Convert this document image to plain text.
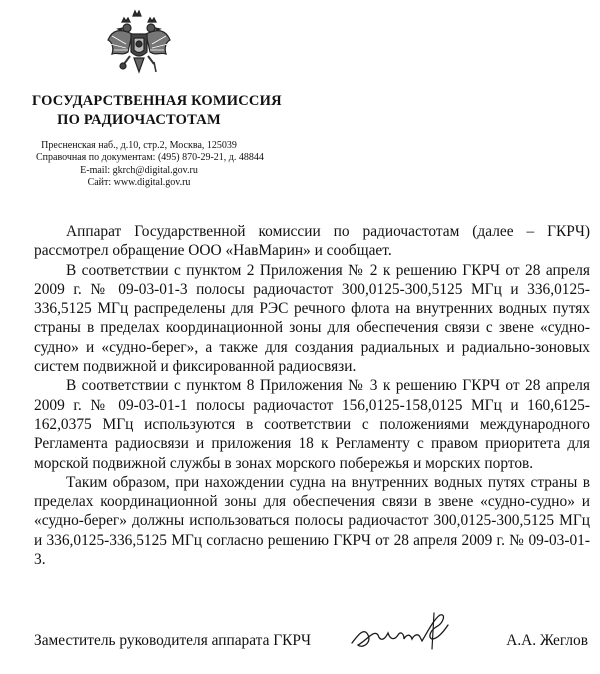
ГОСУДАРСТВЕННАЯ КОМИССИЯ
ПО РАДИОЧАСТОТАМ
Пресненская наб., д.10, стр.2, Москва, 125039
Справочная по документам: (495) 870-29-21, д. 48844
E-mail: gkrch@digital.gov.ru
Сайт: www.digital.gov.ru

Аппарат Государственной комиссии по радиочастотам (далее – ГКРЧ) рассмотрел обращение ООО «НавМарин» и сообщает.

В соответствии с пунктом 2 Приложения № 2 к решению ГКРЧ от 28 апреля 2009 г. № 09-03-01-3 полосы радиочастот 300,0125-300,5125 МГц и 336,0125-336,5125 МГц распределены для РЭС речного флота на внутренних водных путях страны в пределах координационной зоны для обеспечения связи с звене «судно-судно» и «судно-берег», а также для создания радиальных и радиально-зоновых систем подвижной и фиксированной радиосвязи.

В соответствии с пунктом 8 Приложения № 3 к решению ГКРЧ от 28 апреля 2009 г. № 09-03-01-1 полосы радиочастот 156,0125-158,0125 МГц и 160,6125-162,0375 МГц используются в соответствии с положениями международного Регламента радиосвязи и приложения 18 к Регламенту с правом приоритета для морской подвижной службы в зонах морского побережья и морских портов.

Таким образом, при нахождении судна на внутренних водных путях страны в пределах координационной зоны для обеспечения связи в звене «судно-судно» и «судно-берег» должны использоваться полосы радиочастот 300,0125-300,5125 МГц и 336,0125-336,5125 МГц согласно решению ГКРЧ от 28 апреля 2009 г. № 09-03-01-3.

Заместитель руководителя аппарата ГКРЧ	А.А. Жеглов
